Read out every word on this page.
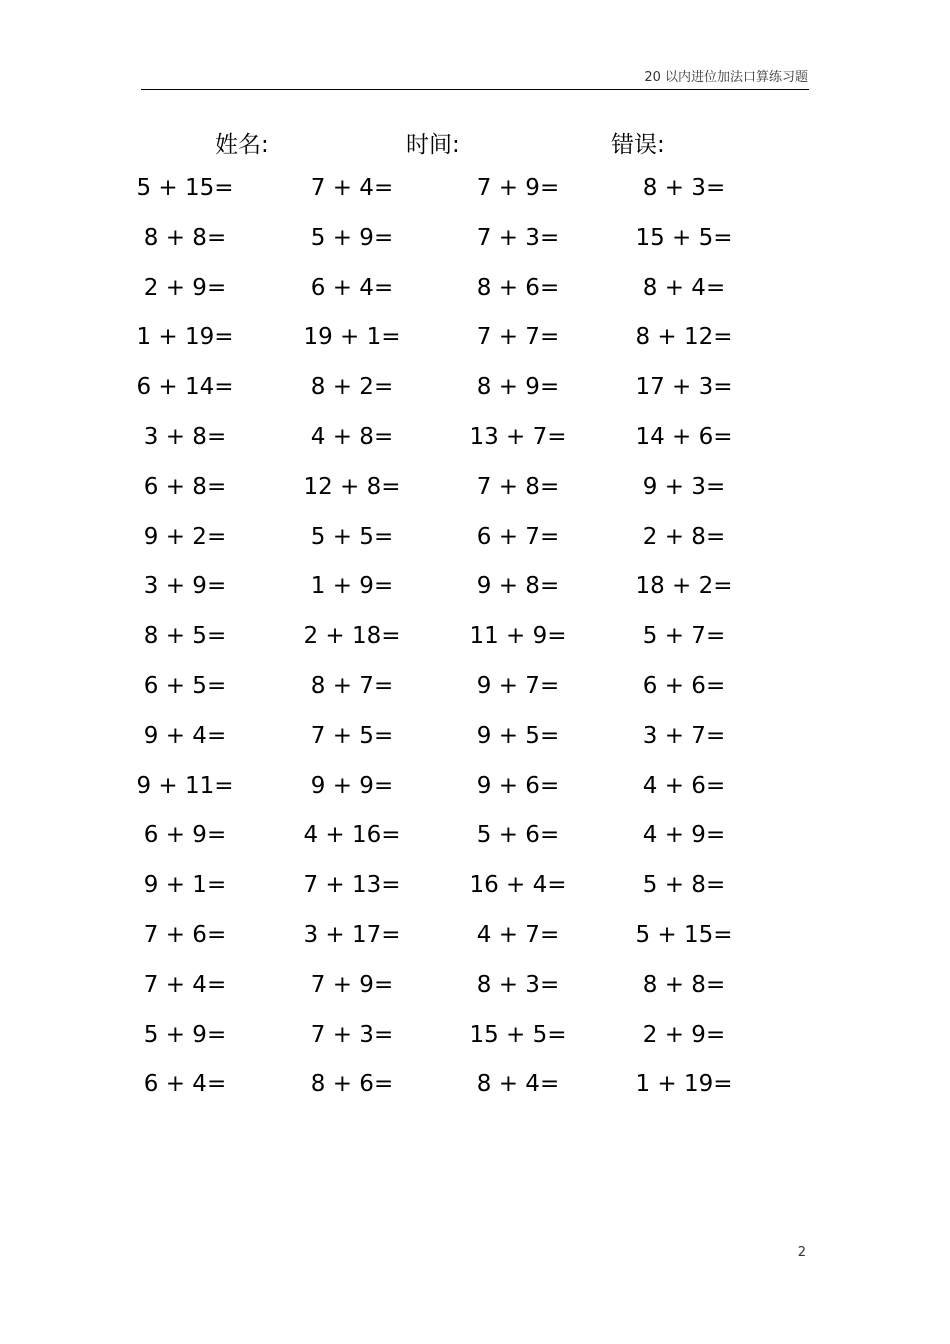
20 以内进位加法口算练习题
姓名:	时间:	错误:
5 + 15=	7 + 4=	7 + 9=	8 + 3=
8 + 8=	5 + 9=	7 + 3=	15 + 5=
2 + 9=	6 + 4=	8 + 6=	8 + 4=
1 + 19=	19 + 1=	7 + 7=	8 + 12=
6 + 14=	8 + 2=	8 + 9=	17 + 3=
3 + 8=	4 + 8=	13 + 7=	14 + 6=
6 + 8=	12 + 8=	7 + 8=	9 + 3=
9 + 2=	5 + 5=	6 + 7=	2 + 8=
3 + 9=	1 + 9=	9 + 8=	18 + 2=
8 + 5=	2 + 18=	11 + 9=	5 + 7=
6 + 5=	8 + 7=	9 + 7=	6 + 6=
9 + 4=	7 + 5=	9 + 5=	3 + 7=
9 + 11=	9 + 9=	9 + 6=	4 + 6=
6 + 9=	4 + 16=	5 + 6=	4 + 9=
9 + 1=	7 + 13=	16 + 4=	5 + 8=
7 + 6=	3 + 17=	4 + 7=	5 + 15=
7 + 4=	7 + 9=	8 + 3=	8 + 8=
5 + 9=	7 + 3=	15 + 5=	2 + 9=
6 + 4=	8 + 6=	8 + 4=	1 + 19=
2
